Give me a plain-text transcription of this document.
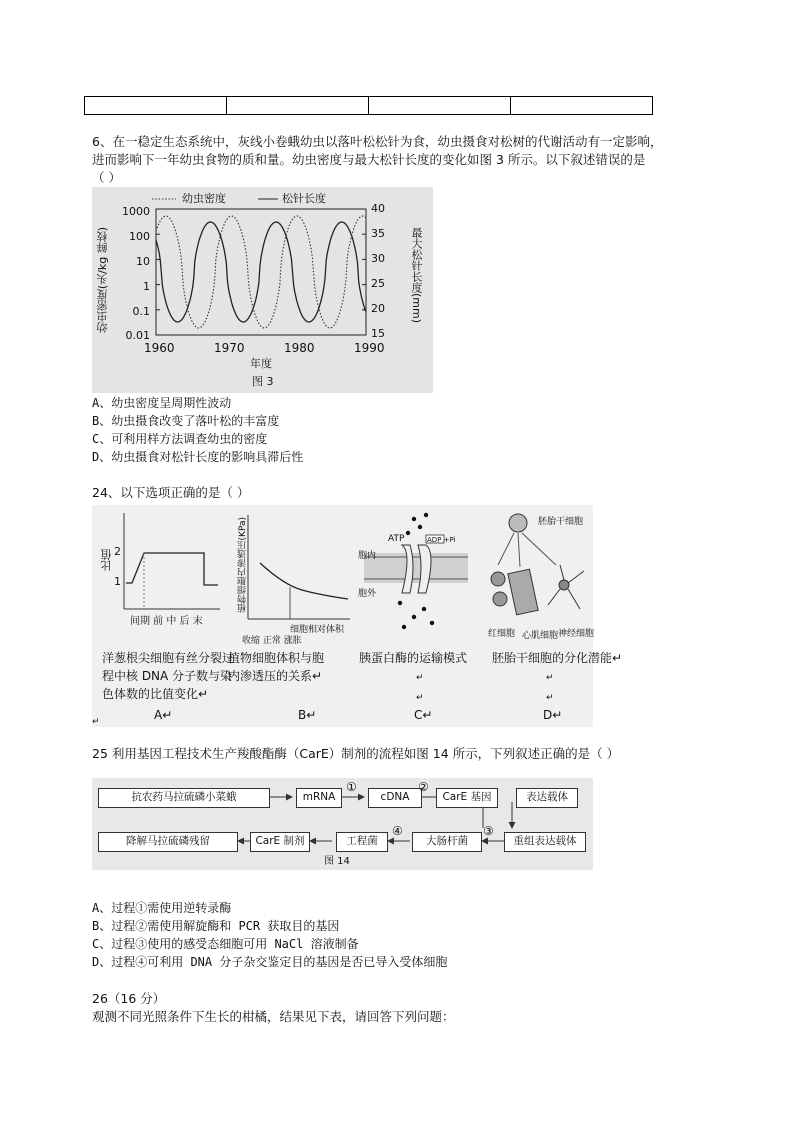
6、在一稳定生态系统中，灰线小卷蛾幼虫以落叶松松针为食，幼虫摄食对松树的代谢活动有一定影响，
进而影响下一年幼虫食物的质和量。幼虫密度与最大松针长度的变化如图 3 所示。以下叙述错误的是
（ ）
幼虫密度	松针长度
幼虫密度(头/kg 鲜枝)	最大松针长度(mm)
1000
100
10
1
0.1
0.01
40
35
30
25
20
15
1960	1970	1980	1990
年度
图 3
A、幼虫密度呈周期性波动
B、幼虫摄食改变了落叶松的丰富度
C、可利用样方法调查幼虫的密度
D、幼虫摄食对松针长度的影响具滞后性
24、以下选项正确的是（ ）
比值 2
1
间期 前 中 后 末
植物细胞内渗透压(KPa)
细胞相对体积
收缩 正常 涨胀
胞内
胞外
ATP	ADP +Pi
胚胎干细胞
红细胞 心肌细胞 神经细胞
洋葱根尖细胞有丝分裂过
程中核 DNA 分子数与染
色体数的比值变化↵
植物细胞体积与胞
内渗透压的关系↵
胰蛋白酶的运输模式 胚胎干细胞的分化潜能↵
↵	↵
↵	↵
↵	A↵	B↵	C↵	D↵
25 利用基因工程技术生产羧酸酯酶（CarE）制剂的流程如图 14 所示，下列叙述正确的是（ ）
抗农药马拉硫磷小菜蛾	mRNA	cDNA	CarE 基因	表达载体
重组表达载体
大肠杆菌
工程菌
CarE 制剂
降解马拉硫磷残留
①	②
③
④
图 14
A、过程①需使用逆转录酶
B、过程②需使用解旋酶和 PCR 获取目的基因
C、过程③使用的感受态细胞可用 NaCl 溶液制备
D、过程④可利用 DNA 分子杂交鉴定目的基因是否已导入受体细胞
26（16 分）
观测不同光照条件下生长的柑橘，结果见下表，请回答下列问题：
